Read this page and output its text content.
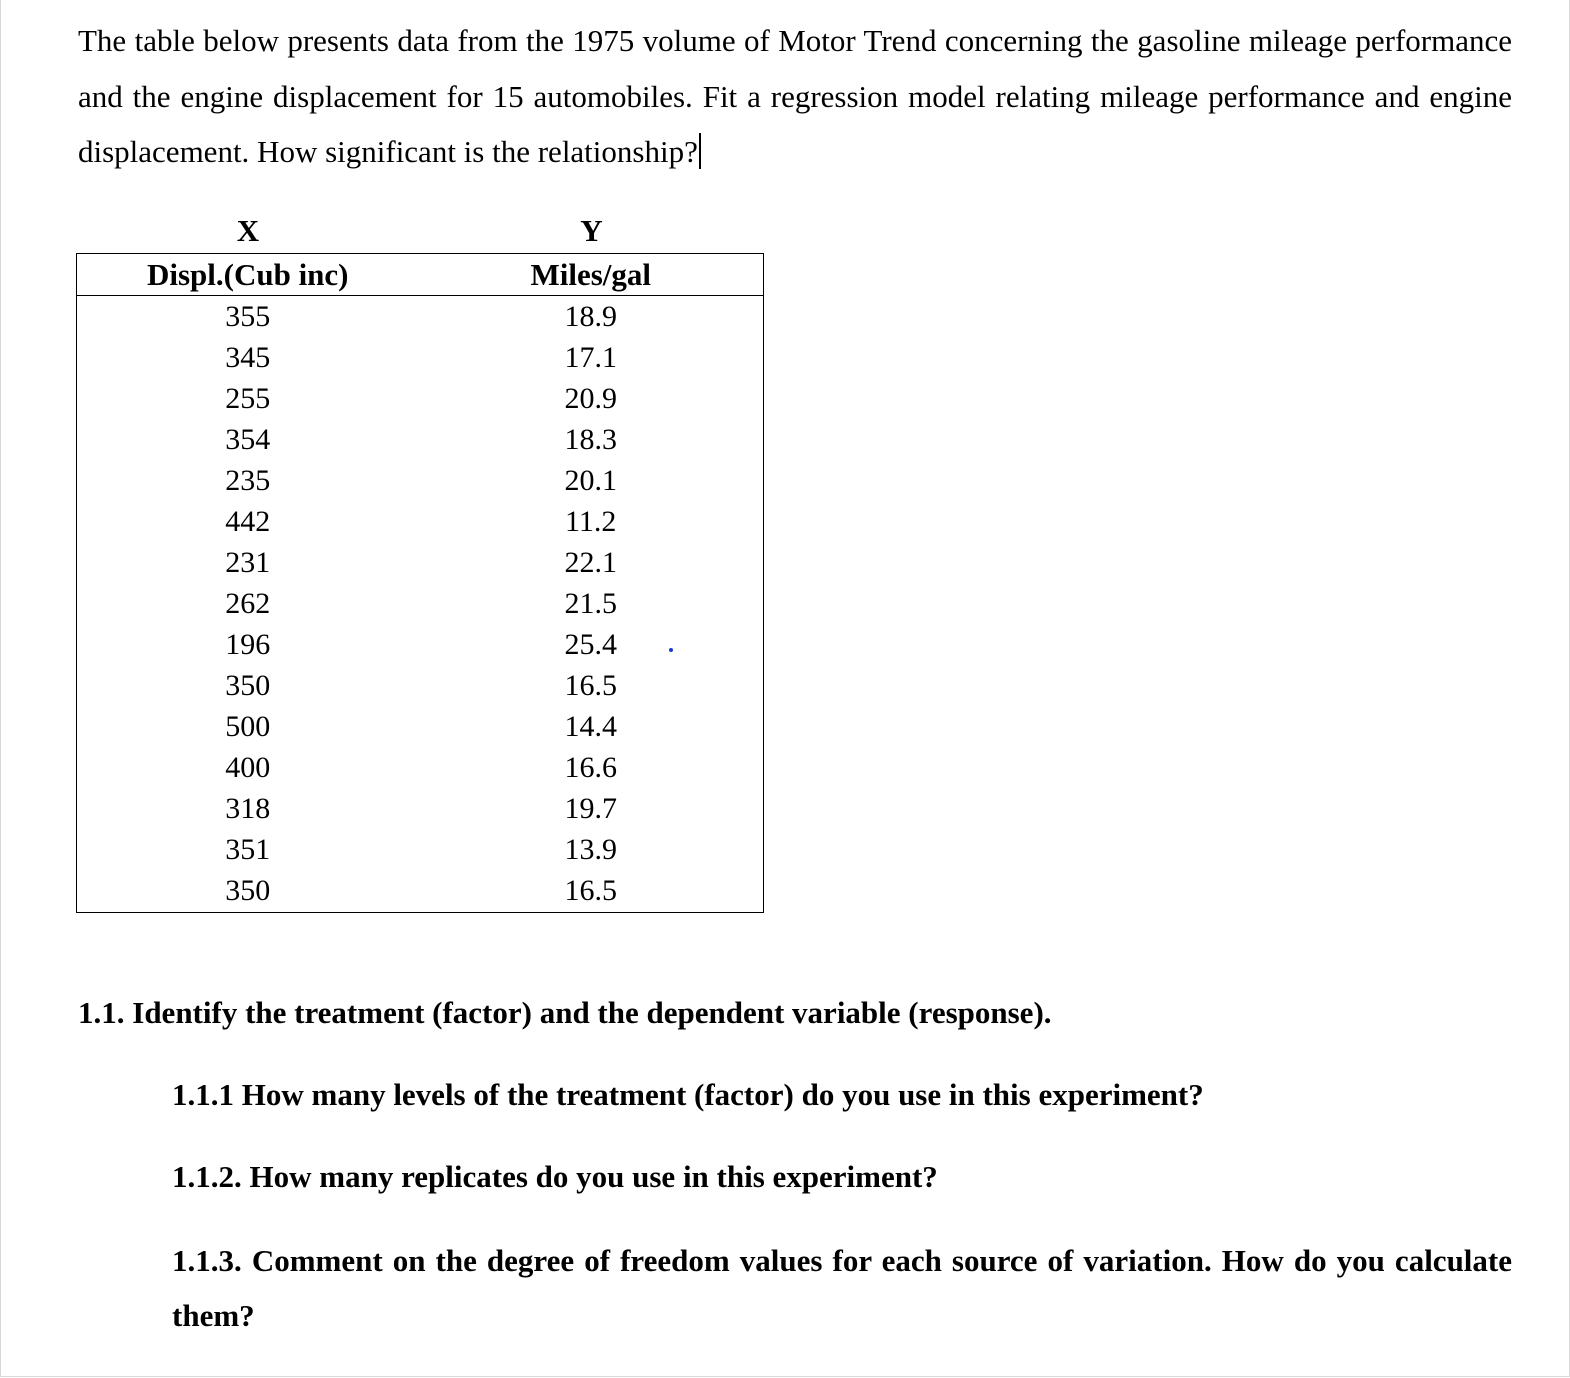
The table below presents data from the 1975 volume of Motor Trend concerning the gasoline mileage performance and the engine displacement for 15 automobiles. Fit a regression model relating mileage performance and engine displacement. How significant is the relationship?

X	Y
Displ.(Cub inc)	Miles/gal
355	18.9
345	17.1
255	20.9
354	18.3
235	20.1
442	11.2
231	22.1
262	21.5
196	25.4
350	16.5
500	14.4
400	16.6
318	19.7
351	13.9
350	16.5

1.1. Identify the treatment (factor) and the dependent variable (response).

1.1.1 How many levels of the treatment (factor) do you use in this experiment?

1.1.2. How many replicates do you use in this experiment?

1.1.3. Comment on the degree of freedom values for each source of variation. How do you calculate them?
